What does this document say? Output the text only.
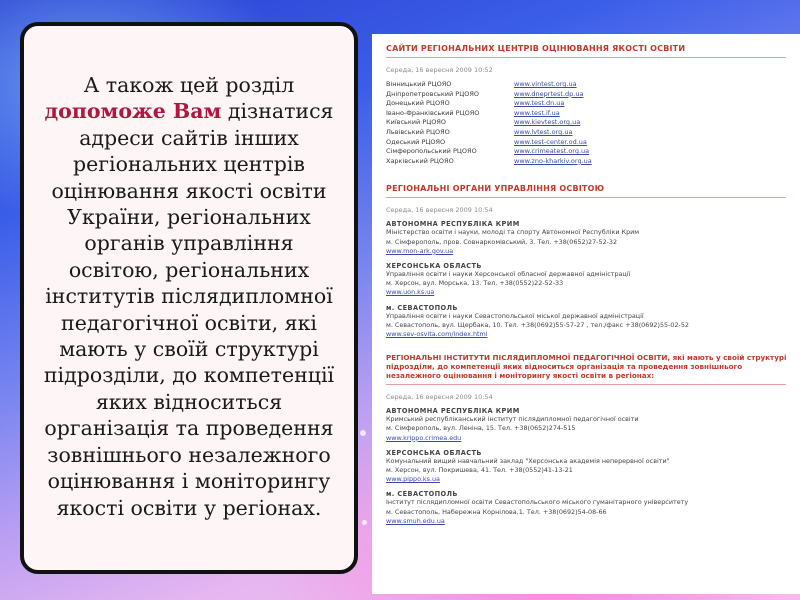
А також цей розділ
допоможе Вам дізнатися адреси сайтів інших регіональних центрів оцінювання якості освіти України, регіональних органів управління освітою, регіональних інститутів післядипломної педагогічної освіти, які мають у своїй структурі підрозділи, до компетенції яких відноситься організація та проведення зовнішнього незалежного оцінювання і моніторингу якості освіти у регіонах.

САЙТИ РЕГІОНАЛЬНИХ ЦЕНТРІВ ОЦІНЮВАННЯ ЯКОСТІ ОСВІТИ
Середа, 16 вересня 2009 10:52
Вінницький РЦОЯО	www.vintest.org.ua
Дніпропетровський РЦОЯО	www.dneprtest.dp.ua
Донецький РЦОЯО	www.test.dn.ua
Івано-Франківський РЦОЯО	www.test.if.ua
Київський РЦОЯО	www.kievtest.org.ua
Львівський РЦОЯО	www.lvtest.org.ua
Одеський РЦОЯО	www.test-center.od.ua
Сімферопольський РЦОЯО	www.crimeatest.org.ua
Харківський РЦОЯО	www.zno-kharkiv.org.ua
РЕГІОНАЛЬНІ ОРГАНИ УПРАВЛІННЯ ОСВІТОЮ
Середа, 16 вересня 2009 10:54
АВТОНОМНА РЕСПУБЛІКА КРИМ
Міністерство освіти і науки, молоді та спорту Автономної Республіки Крим
м. Сімферополь, пров. Совнаркомівський, 3. Тел. +38(0652)27-52-32
www.mon-ark.gov.ua
ХЕРСОНСЬКА ОБЛАСТЬ
Управління освіти і науки Херсонської обласної державної адміністрації
м. Херсон, вул. Морська, 13. Тел. +38(0552)22-52-33
www.uon.ks.ua
м. СЕВАСТОПОЛЬ
Управління освіти і науки Севастопольської міської державної адміністрації
м. Севастополь, вул. Щербака, 10. Тел. +38(0692)55-57-27 , тел./факс +38(0692)55-02-52
www.sev-osvita.com/index.html
РЕГІОНАЛЬНІ ІНСТИТУТИ ПІСЛЯДИПЛОМНОЇ ПЕДАГОГІЧНОЇ ОСВІТИ, які мають у своїй структурі підрозділи, до компетенції яких відноситься організація та проведення зовнішнього незалежного оцінювання і моніторингу якості освіти в регіонах:
Середа, 16 вересня 2009 10:54
АВТОНОМНА РЕСПУБЛІКА КРИМ
Кримський республіканський інститут післядипломної педагогічної освіти
м. Сімферополь, вул. Леніна, 15. Тел. +38(0652)274-515
www.krippo.crimea.edu
ХЕРСОНСЬКА ОБЛАСТЬ
Комунальний вищий навчальний заклад "Херсонська академія неперервної освіти"
м. Херсон, вул. Покришева, 41. Тел. +38(0552)41-13-21
www.pippo.ks.ua
м. СЕВАСТОПОЛЬ
Інститут післядипломної освіти Севастопольського міського гуманітарного університету
м. Севастополь, Набережна Корнілова,1. Тел. +38(0692)54-08-66
www.smuh.edu.ua
